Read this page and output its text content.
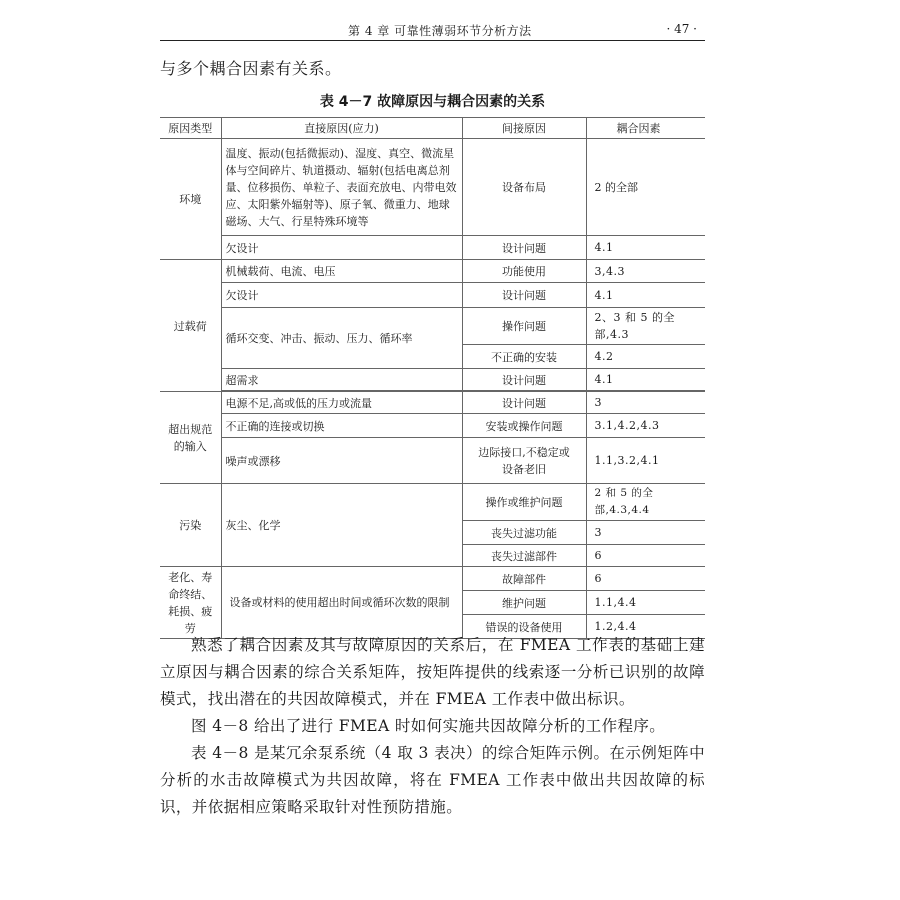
第 4 章 可靠性薄弱环节分析方法	· 47 ·
与多个耦合因素有关系。
表 4－7 故障原因与耦合因素的关系
原因类型	直接原因(应力)	间接原因	耦合因素
环境	温度、振动(包括微振动)、湿度、真空、微流星体与空间碎片、轨道摄动、辐射(包括电离总剂量、位移损伤、单粒子、表面充放电、内带电效应、太阳紫外辐射等)、原子氧、微重力、地球磁场、大气、行星特殊环境等	设备布局	2 的全部
	欠设计	设计问题	4.1
过载荷	机械载荷、电流、电压	功能使用	3,4.3
	欠设计	设计问题	4.1
	循环交变、冲击、振动、压力、循环率	操作问题	2、3 和 5 的全部,4.3
		不正确的安装	4.2
	超需求	设计问题	4.1

超出规范的输入	电源不足,高或低的压力或流量	设计问题	3
	不正确的连接或切换	安装或操作问题	3.1,4.2,4.3
	噪声或漂移	边际接口,不稳定或设备老旧	1.1,3.2,4.1
污染	灰尘、化学	操作或维护问题	2 和 5 的全部,4.3,4.4
		丧失过滤功能	3
		丧失过滤部件	6
老化、寿命终结、耗损、疲劳	设备或材料的使用超出时间或循环次数的限制	故障部件	6
		维护问题	1.1,4.4
		错误的设备使用	1.2,4.4

熟悉了耦合因素及其与故障原因的关系后，在 FMEA 工作表的基础上建立原因与耦合因素的综合关系矩阵，按矩阵提供的线索逐一分析已识别的故障模式，找出潜在的共因故障模式，并在 FMEA 工作表中做出标识。

图 4－8 给出了进行 FMEA 时如何实施共因故障分析的工作程序。

表 4－8 是某冗余泵系统（4 取 3 表决）的综合矩阵示例。在示例矩阵中分析的水击故障模式为共因故障，将在 FMEA 工作表中做出共因故障的标识，并依据相应策略采取针对性预防措施。
